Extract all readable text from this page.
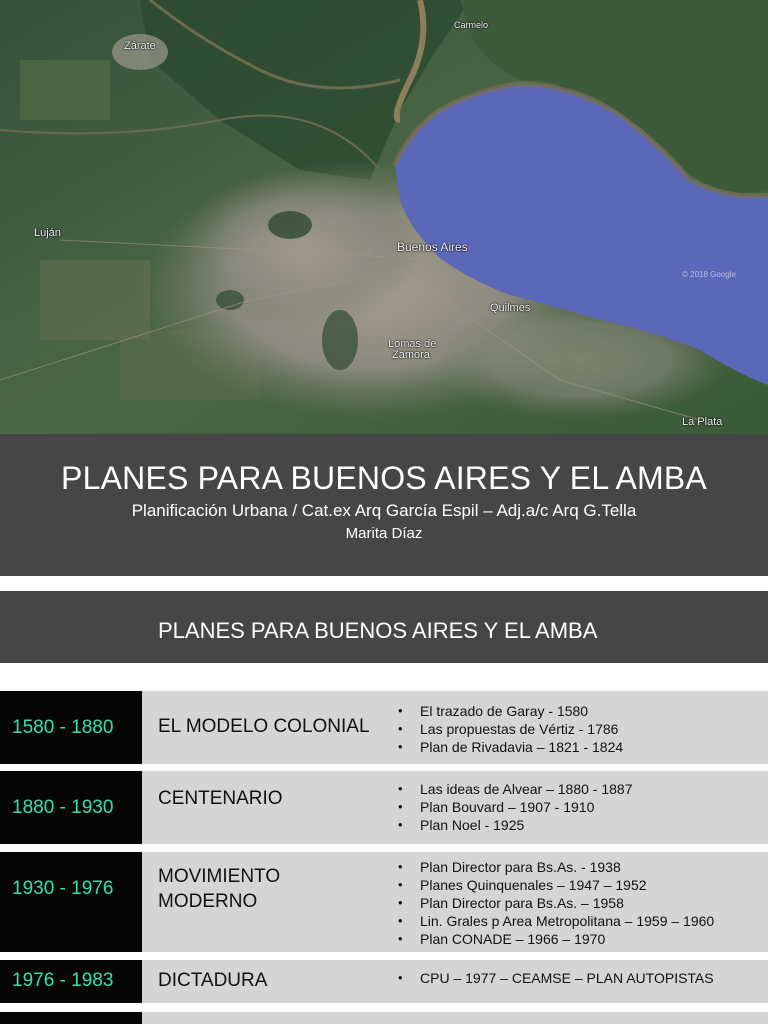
Zárate
Carmelo
Luján
Buenos Aires
Quilmes
Lomas de
Zamora
La Plata
© 2018 Google
PLANES PARA BUENOS AIRES Y EL AMBA
Planificación Urbana / Cat.ex Arq García Espil – Adj.a/c Arq G.Tella
Marita Díaz
PLANES PARA BUENOS AIRES Y EL AMBA
1580 - 1880 EL MODELO COLONIAL
• El trazado de Garay - 1580
• Las propuestas de Vértiz - 1786
• Plan de Rivadavia – 1821 - 1824
1880 - 1930 CENTENARIO	• Las ideas de Alvear – 1880 - 1887
• Plan Bouvard – 1907 - 1910
• Plan Noel - 1925
1930 - 1976
MOVIMIENTO
MODERNO
• Plan Director para Bs.As. - 1938
• Planes Quinquenales – 1947 – 1952
• Plan Director para Bs.As. – 1958
• Lin. Grales p Area Metropolitana – 1959 – 1960
• Plan CONADE – 1966 – 1970
1976 - 1983 DICTADURA	• CPU – 1977 – CEAMSE – PLAN AUTOPISTAS
